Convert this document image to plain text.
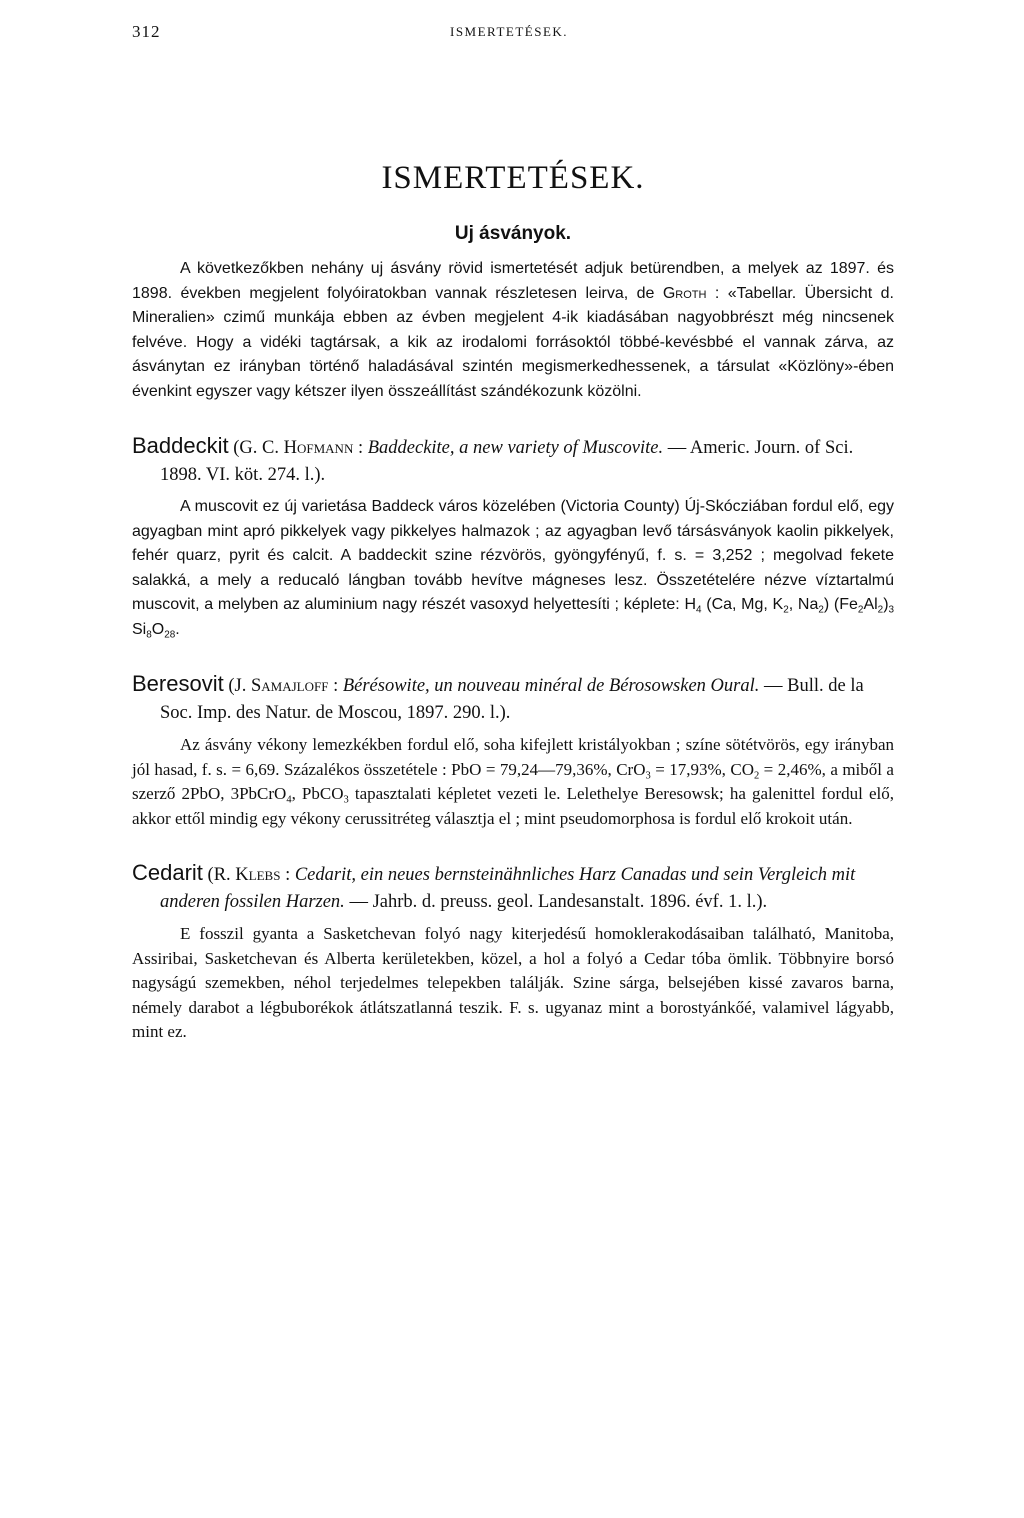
312	ISMERTETÉSEK.
ISMERTETÉSEK.
Uj ásványok.

A következőkben nehány uj ásvány rövid ismertetését adjuk betürendben, a melyek az 1897. és 1898. években megjelent folyóiratokban vannak részletesen leirva, de Groth : «Tabellar. Übersicht d. Mineralien» czimű munkája ebben az évben megjelent 4-ik kiadásában nagyobbrészt még nincsenek felvéve. Hogy a vidéki tagtársak, a kik az irodalomi forrásoktól többé-kevésbbé el vannak zárva, az ásványtan ez irányban történő haladásával szintén megismerkedhessenek, a társulat «Közlöny»-ében évenkint egyszer vagy kétszer ilyen összeállítást szándékozunk közölni.

Baddeckit (G. C. Hofmann : Baddeckite, a new variety of Muscovite. — Americ. Journ. of Sci. 1898. VI. köt. 274. l.).

A muscovit ez új varietása Baddeck város közelében (Victoria County) Új-Skócziában fordul elő, egy agyagban mint apró pikkelyek vagy pikkelyes halmazok ; az agyagban levő társásványok kaolin pikkelyek, fehér quarz, pyrit és calcit. A baddeckit szine rézvörös, gyöngyfényű, f. s. = 3,252 ; megolvad fekete salakká, a mely a reducaló lángban tovább hevítve mágneses lesz. Összetételére nézve víztartalmú muscovit, a melyben az aluminium nagy részét vasoxyd helyettesíti ; képlete: $H_4$ (Ca, Mg, $K_2$, $Na_2$) $(Fe_2Al_2)_3$ $Si_8O_{28}$.

Beresovit (J. Samajloff : Bérésowite, un nouveau minéral de Bérosowsken Oural. — Bull. de la Soc. Imp. des Natur. de Moscou, 1897. 290. l.).

Az ásvány vékony lemezkékben fordul elő, soha kifejlett kristályokban ; színe sötétvörös, egy irányban jól hasad, f. s. = 6,69. Százalékos összetétele : PbO = 79,24—79,36%, CrO$_3$ = 17,93%, $CO_2 = 2,46\%$, a miből a szerző 2PbO, 3PbCrO$_4$, PbCO$_3$ tapasztalati képletet vezeti le. Lelethelye Beresowsk; ha galenittel fordul elő, akkor ettől mindig egy vékony cerussitréteg választja el ; mint pseudomorphosa is fordul elő krokoit után.

Cedarit (R. Klebs : Cedarit, ein neues bernsteinähnliches Harz Canadas und sein Vergleich mit anderen fossilen Harzen. — Jahrb. d. preuss. geol. Landesanstalt. 1896. évf. 1. l.).

E fosszil gyanta a Sasketchevan folyó nagy kiterjedésű homoklerakodásaiban található, Manitoba, Assiribai, Sasketchevan és Alberta kerületekben, közel, a hol a folyó a Cedar tóba ömlik. Többnyire borsó nagyságú szemekben, néhol terjedelmes telepekben találják. Szine sárga, belsejében kissé zavaros barna, némely darabot a légbuborékok átlátszatlanná teszik. F. s. ugyanaz mint a borostyánkőé, valamivel lágyabb, mint ez.
